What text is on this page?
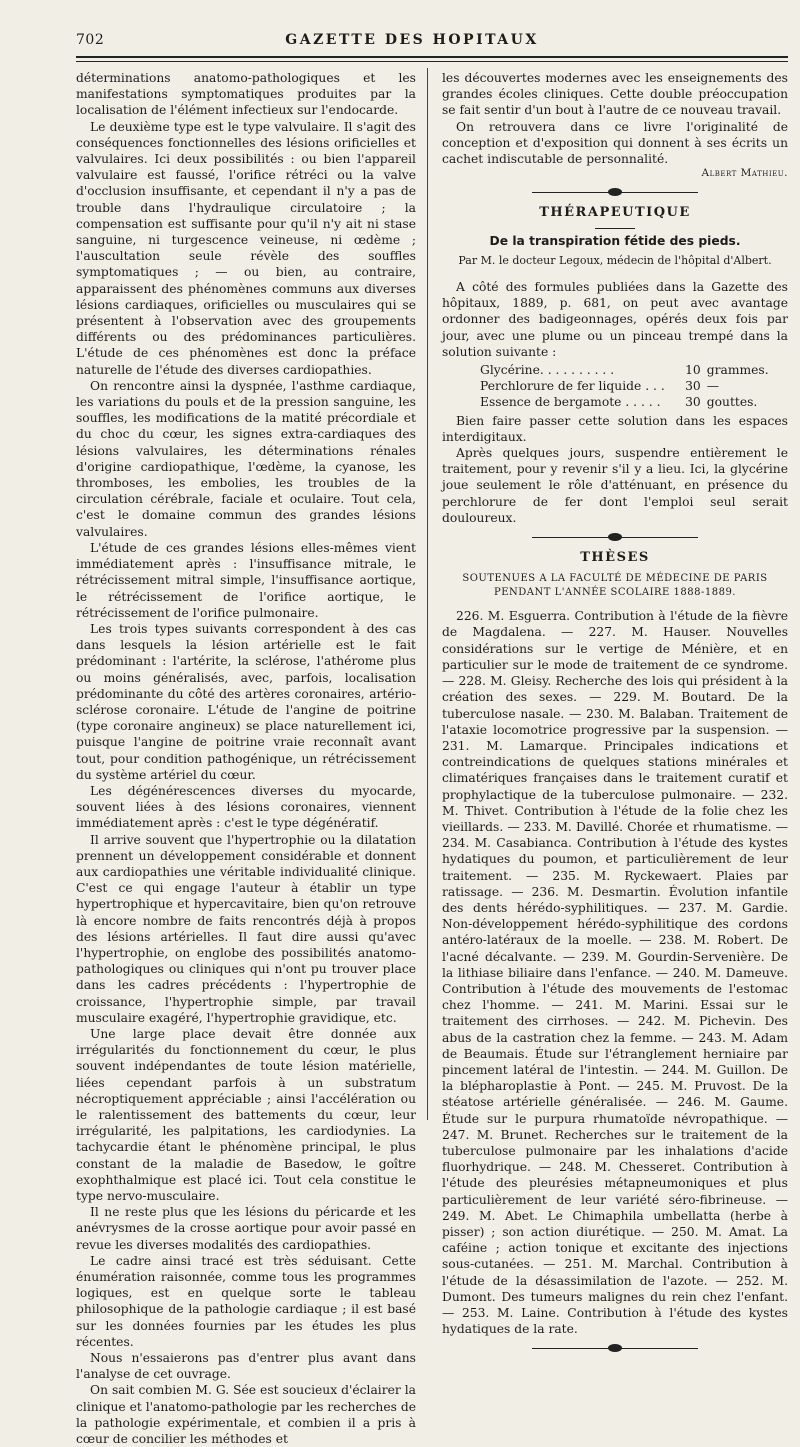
702	GAZETTE DES HOPITAUX

déterminations anatomo-pathologiques et les manifestations symptomatiques produites par la localisation de l'élément infectieux sur l'endocarde.

Le deuxième type est le type valvulaire. Il s'agit des conséquences fonctionnelles des lésions orificielles et valvulaires. Ici deux possibilités : ou bien l'appareil valvulaire est faussé, l'orifice rétréci ou la valve d'occlusion insuffisante, et cependant il n'y a pas de trouble dans l'hydraulique circulatoire ; la compensation est suffisante pour qu'il n'y ait ni stase sanguine, ni turgescence veineuse, ni œdème ; l'auscultation seule révèle des souffles symptomatiques ; — ou bien, au contraire, apparaissent des phénomènes communs aux diverses lésions cardiaques, orificielles ou musculaires qui se présentent à l'observation avec des groupements différents ou des prédominances particulières. L'étude de ces phénomènes est donc la préface naturelle de l'étude des diverses cardiopathies.

On rencontre ainsi la dyspnée, l'asthme cardiaque, les variations du pouls et de la pression sanguine, les souffles, les modifications de la matité précordiale et du choc du cœur, les signes extra-cardiaques des lésions valvulaires, les déterminations rénales d'origine cardiopathique, l'œdème, la cyanose, les thromboses, les embolies, les troubles de la circulation cérébrale, faciale et oculaire. Tout cela, c'est le domaine commun des grandes lésions valvulaires.

L'étude de ces grandes lésions elles-mêmes vient immédiatement après : l'insuffisance mitrale, le rétrécissement mitral simple, l'insuffisance aortique, le rétrécissement de l'orifice aortique, le rétrécissement de l'orifice pulmonaire.

Les trois types suivants correspondent à des cas dans lesquels la lésion artérielle est le fait prédominant : l'artérite, la sclérose, l'athérome plus ou moins généralisés, avec, parfois, localisation prédominante du côté des artères coronaires, artério-sclérose coronaire. L'étude de l'angine de poitrine (type coronaire angineux) se place naturellement ici, puisque l'angine de poitrine vraie reconnaît avant tout, pour condition pathogénique, un rétrécissement du système artériel du cœur.

Les dégénérescences diverses du myocarde, souvent liées à des lésions coronaires, viennent immédiatement après : c'est le type dégénératif.

Il arrive souvent que l'hypertrophie ou la dilatation prennent un développement considérable et donnent aux cardiopathies une véritable individualité clinique. C'est ce qui engage l'auteur à établir un type hypertrophique et hypercavitaire, bien qu'on retrouve là encore nombre de faits rencontrés déjà à propos des lésions artérielles. Il faut dire aussi qu'avec l'hypertrophie, on englobe des possibilités anatomo-pathologiques ou cliniques qui n'ont pu trouver place dans les cadres précédents : l'hypertrophie de croissance, l'hypertrophie simple, par travail musculaire exagéré, l'hypertrophie gravidique, etc.

Une large place devait être donnée aux irrégularités du fonctionnement du cœur, le plus souvent indépendantes de toute lésion matérielle, liées cependant parfois à un substratum nécroptiquement appréciable ; ainsi l'accélération ou le ralentissement des battements du cœur, leur irrégularité, les palpitations, les cardiodynies. La tachycardie étant le phénomène principal, le plus constant de la maladie de Basedow, le goître exophthalmique est placé ici. Tout cela constitue le type nervo-musculaire.

Il ne reste plus que les lésions du péricarde et les anévrysmes de la crosse aortique pour avoir passé en revue les diverses modalités des cardiopathies.

Le cadre ainsi tracé est très séduisant. Cette énumération raisonnée, comme tous les programmes logiques, est en quelque sorte le tableau philosophique de la pathologie cardiaque ; il est basé sur les données fournies par les études les plus récentes.

Nous n'essaierons pas d'entrer plus avant dans l'analyse de cet ouvrage.

On sait combien M. G. Sée est soucieux d'éclairer la clinique et l'anatomo-pathologie par les recherches de la pathologie expérimentale, et combien il a pris à cœur de concilier les méthodes et

les découvertes modernes avec les enseignements des grandes écoles cliniques. Cette double préoccupation se fait sentir d'un bout à l'autre de ce nouveau travail.

On retrouvera dans ce livre l'originalité de conception et d'exposition qui donnent à ses écrits un cachet indiscutable de personnalité.

Albert Mathieu.
THÉRAPEUTIQUE
De la transpiration fétide des pieds.
Par M. le docteur Legoux, médecin de l'hôpital d'Albert.

A côté des formules publiées dans la Gazette des hôpitaux, 1889, p. 681, on peut avec avantage ordonner des badigeonnages, opérés deux fois par jour, avec une plume ou un pinceau trempé dans la solution suivante :

Glycérine. . . . . . . . . .	10	grammes.
Perchlorure de fer liquide . . .	30	—
Essence de bergamote . . . . .	30	gouttes.

Bien faire passer cette solution dans les espaces interdigitaux.

Après quelques jours, suspendre entièrement le traitement, pour y revenir s'il y a lieu. Ici, la glycérine joue seulement le rôle d'atténuant, en présence du perchlorure de fer dont l'emploi seul serait douloureux.

THÈSES
SOUTENUES A LA FACULTÉ DE MÉDECINE DE PARIS
PENDANT L'ANNÉE SCOLAIRE 1888-1889.

226. M. Esguerra. Contribution à l'étude de la fièvre de Magdalena. — 227. M. Hauser. Nouvelles considérations sur le vertige de Ménière, et en particulier sur le mode de traitement de ce syndrome. — 228. M. Gleisy. Recherche des lois qui président à la création des sexes. — 229. M. Boutard. De la tuberculose nasale. — 230. M. Balaban. Traitement de l'ataxie locomotrice progressive par la suspension. — 231. M. Lamarque. Principales indications et contreindications de quelques stations minérales et climatériques françaises dans le traitement curatif et prophylactique de la tuberculose pulmonaire. — 232. M. Thivet. Contribution à l'étude de la folie chez les vieillards. — 233. M. Davillé. Chorée et rhumatisme. — 234. M. Casabianca. Contribution à l'étude des kystes hydatiques du poumon, et particulièrement de leur traitement. — 235. M. Ryckewaert. Plaies par ratissage. — 236. M. Desmartin. Évolution infantile des dents hérédo-syphilitiques. — 237. M. Gardie. Non-développement hérédo-syphilitique des cordons antéro-latéraux de la moelle. — 238. M. Robert. De l'acné décalvante. — 239. M. Gourdin-Servenière. De la lithiase biliaire dans l'enfance. — 240. M. Dameuve. Contribution à l'étude des mouvements de l'estomac chez l'homme. — 241. M. Marini. Essai sur le traitement des cirrhoses. — 242. M. Pichevin. Des abus de la castration chez la femme. — 243. M. Adam de Beaumais. Étude sur l'étranglement herniaire par pincement latéral de l'intestin. — 244. M. Guillon. De la blépharoplastie à Pont. — 245. M. Pruvost. De la stéatose artérielle généralisée. — 246. M. Gaume. Étude sur le purpura rhumatoïde névropathique. — 247. M. Brunet. Recherches sur le traitement de la tuberculose pulmonaire par les inhalations d'acide fluorhydrique. — 248. M. Chesseret. Contribution à l'étude des pleurésies métapneumoniques et plus particulièrement de leur variété séro-fibrineuse. — 249. M. Abet. Le Chimaphila umbellatta (herbe à pisser) ; son action diurétique. — 250. M. Amat. La caféine ; action tonique et excitante des injections sous-cutanées. — 251. M. Marchal. Contribution à l'étude de la désassimilation de l'azote. — 252. M. Dumont. Des tumeurs malignes du rein chez l'enfant. — 253. M. Laine. Contribution à l'étude des kystes hydatiques de la rate.
